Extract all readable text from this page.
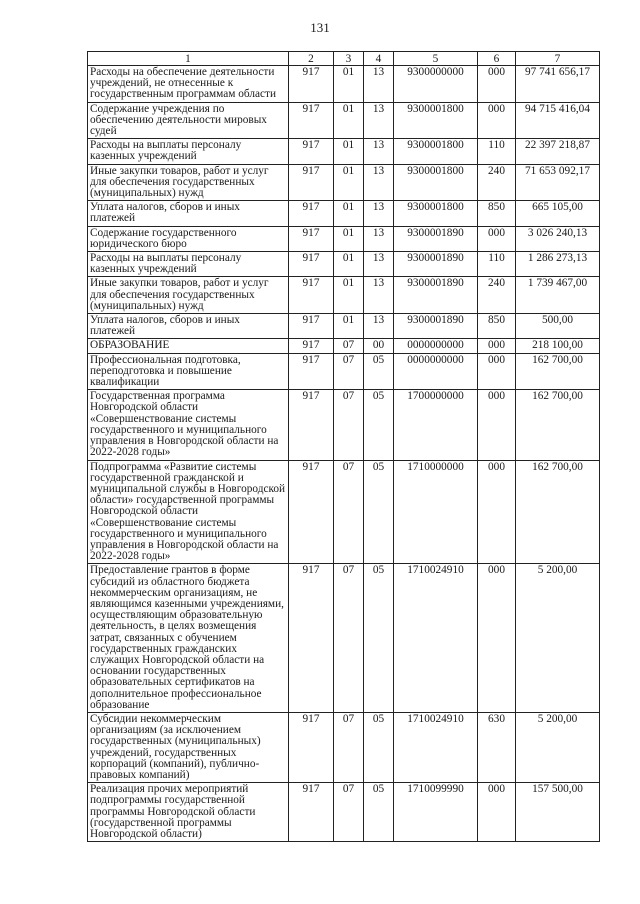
131
1	2	3	4	5	6	7
Расходы на обеспечение деятельности учреждений, не отнесенные к государственным программам области	917	01	13	9300000000	000	97 741 656,17
Содержание учреждения по обеспечению деятельности мировых судей	917	01	13	9300001800	000	94 715 416,04
Расходы на выплаты персоналу казенных учреждений	917	01	13	9300001800	110	22 397 218,87
Иные закупки товаров, работ и услуг для обеспечения государственных (муниципальных) нужд	917	01	13	9300001800	240	71 653 092,17
Уплата налогов, сборов и иных платежей	917	01	13	9300001800	850	665 105,00
Содержание государственного юридического бюро	917	01	13	9300001890	000	3 026 240,13
Расходы на выплаты персоналу казенных учреждений	917	01	13	9300001890	110	1 286 273,13
Иные закупки товаров, работ и услуг для обеспечения государственных (муниципальных) нужд	917	01	13	9300001890	240	1 739 467,00
Уплата налогов, сборов и иных платежей	917	01	13	9300001890	850	500,00
ОБРАЗОВАНИЕ	917	07	00	0000000000	000	218 100,00
Профессиональная подготовка, переподготовка и повышение квалификации	917	07	05	0000000000	000	162 700,00
Государственная программа Новгородской области «Совершенствование системы государственного и муниципального управления в Новгородской области на 2022-2028 годы»	917	07	05	1700000000	000	162 700,00
Подпрограмма «Развитие системы государственной гражданской и муниципальной службы в Новгородской области» государственной программы Новгородской области «Совершенствование системы государственного и муниципального управления в Новгородской области на 2022-2028 годы»	917	07	05	1710000000	000	162 700,00
Предоставление грантов в форме субсидий из областного бюджета некоммерческим организациям, не являющимся казенными учреждениями, осуществляющим образовательную деятельность, в целях возмещения затрат, связанных с обучением государственных гражданских служащих Новгородской области на основании государственных образовательных сертификатов на дополнительное профессиональное образование	917	07	05	1710024910	000	5 200,00
Субсидии некоммерческим организациям (за исключением государственных (муниципальных) учреждений, государственных корпораций (компаний), публично-правовых компаний)	917	07	05	1710024910	630	5 200,00
Реализация прочих мероприятий подпрограммы государственной программы Новгородской области (государственной программы Новгородской области)	917	07	05	1710099990	000	157 500,00
